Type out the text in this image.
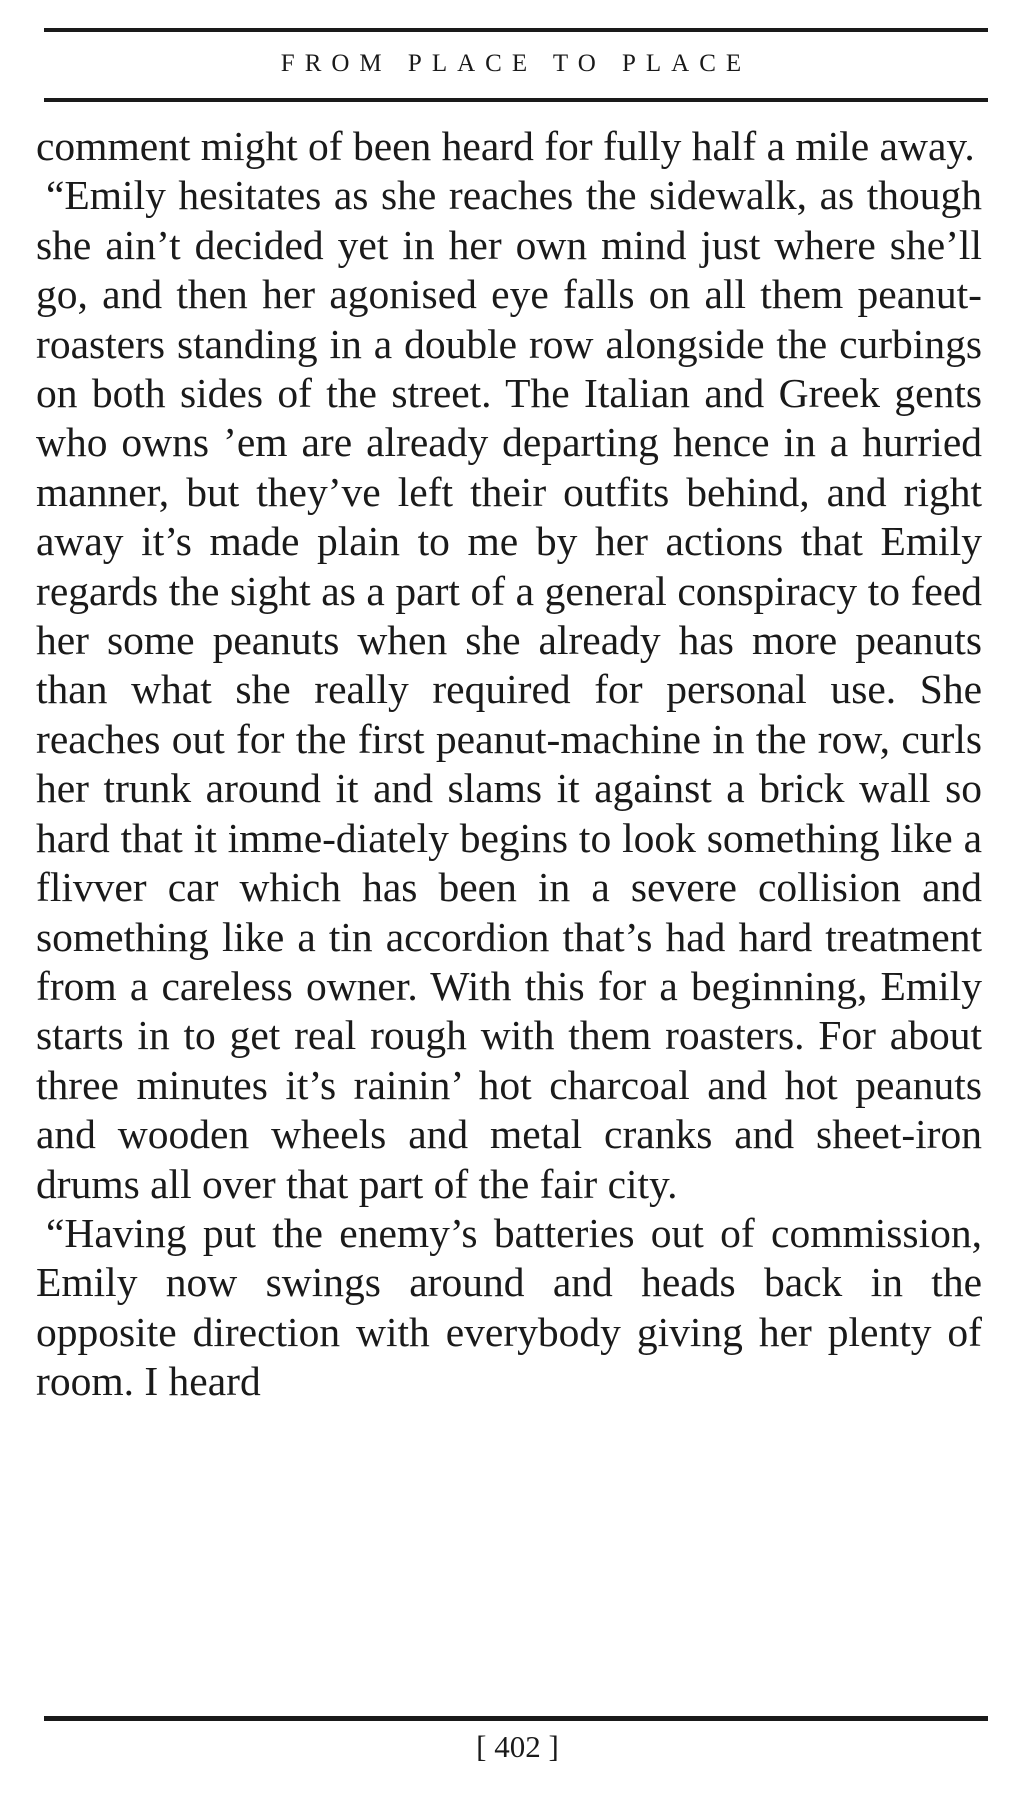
FROM PLACE TO PLACE

comment might of been heard for fully half a mile away.

“Emily hesitates as she reaches the sidewalk, as though she ain’t decided yet in her own mind just where she’ll go, and then her agonised eye falls on all them peanut-roasters standing in a double row alongside the curbings on both sides of the street. The Italian and Greek gents who owns ’em are already departing hence in a hurried manner, but they’ve left their outfits behind, and right away it’s made plain to me by her actions that Emily regards the sight as a part of a general conspiracy to feed her some peanuts when she already has more peanuts than what she really required for personal use. She reaches out for the first peanut-machine in the row, curls her trunk around it and slams it against a brick wall so hard that it imme-diately begins to look something like a flivver car which has been in a severe collision and something like a tin accordion that’s had hard treatment from a careless owner. With this for a beginning, Emily starts in to get real rough with them roasters. For about three minutes it’s rainin’ hot charcoal and hot peanuts and wooden wheels and metal cranks and sheet-iron drums all over that part of the fair city.

“Having put the enemy’s batteries out of commission, Emily now swings around and heads back in the opposite direction with everybody giving her plenty of room. I heard

[ 402 ]
